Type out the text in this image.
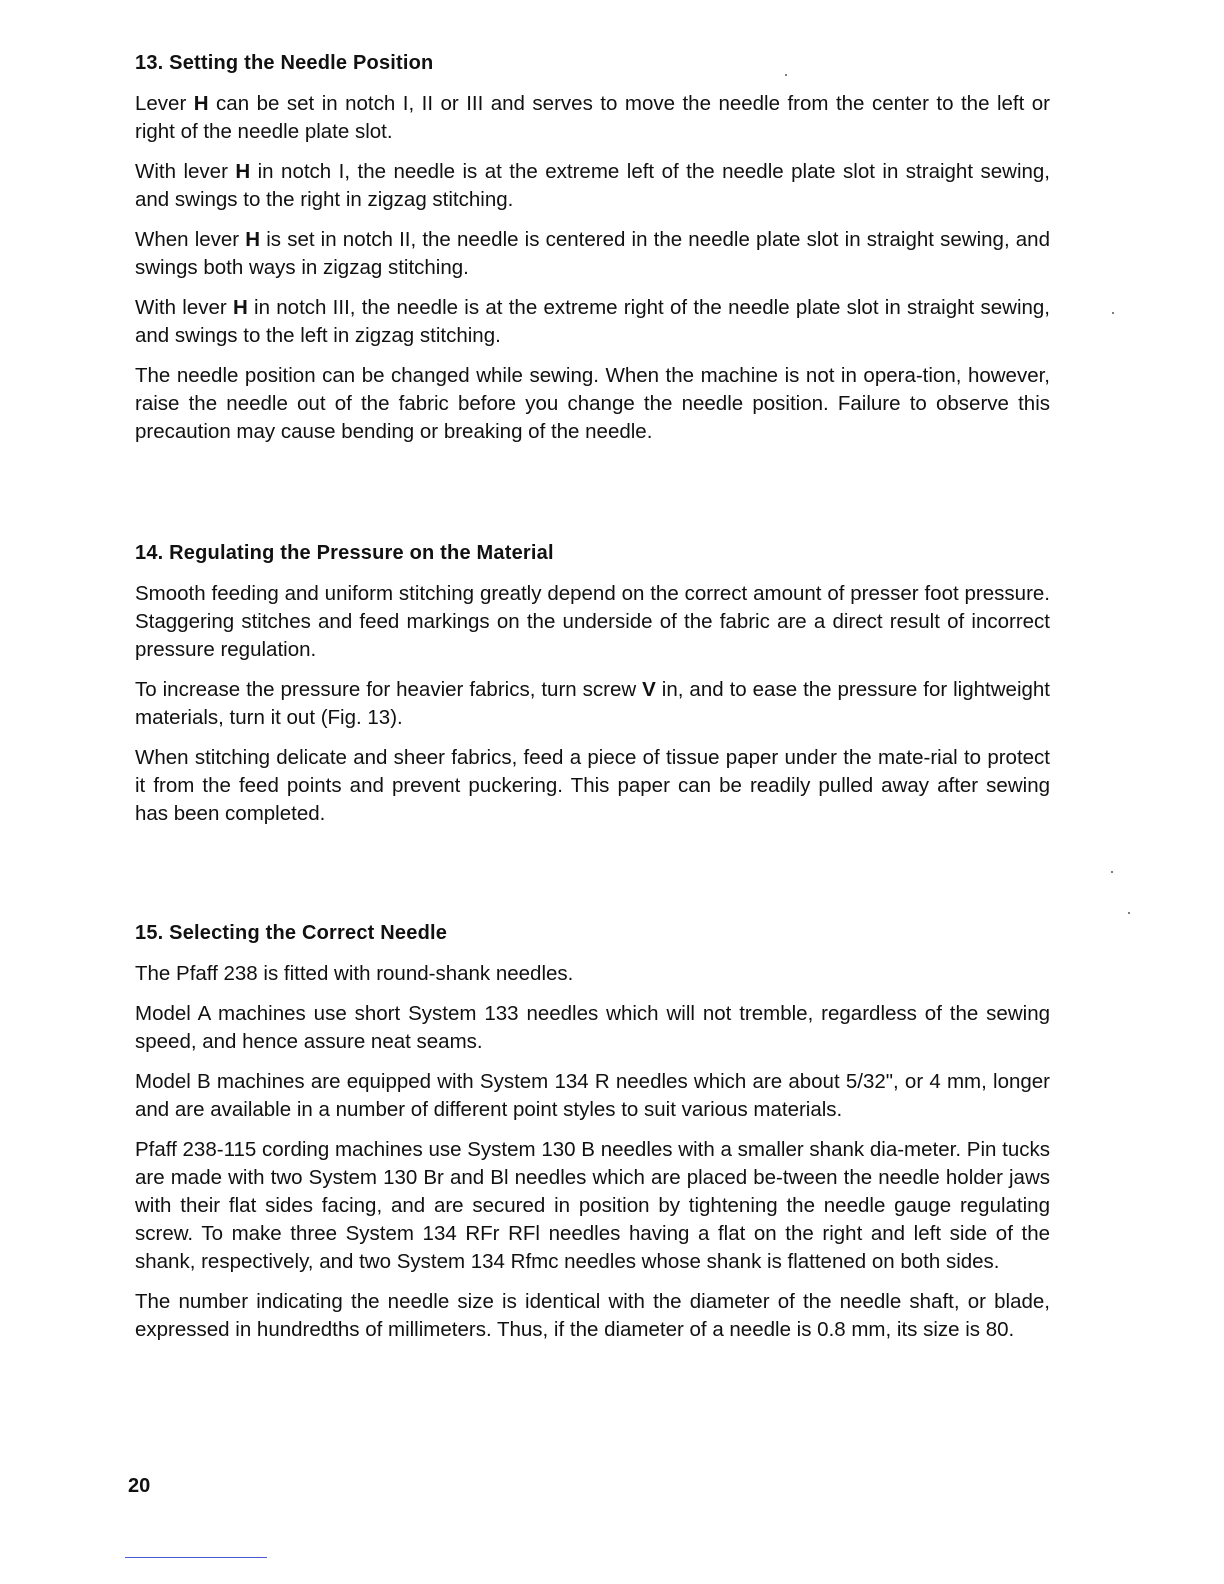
13. Setting the Needle Position

Lever H can be set in notch I, II or III and serves to move the needle from the center to the left or right of the needle plate slot.

With lever H in notch I, the needle is at the extreme left of the needle plate slot in straight sewing, and swings to the right in zigzag stitching.

When lever H is set in notch II, the needle is centered in the needle plate slot in straight sewing, and swings both ways in zigzag stitching.

With lever H in notch III, the needle is at the extreme right of the needle plate slot in straight sewing, and swings to the left in zigzag stitching.

The needle position can be changed while sewing. When the machine is not in opera-tion, however, raise the needle out of the fabric before you change the needle position. Failure to observe this precaution may cause bending or breaking of the needle.

14. Regulating the Pressure on the Material

Smooth feeding and uniform stitching greatly depend on the correct amount of presser foot pressure. Staggering stitches and feed markings on the underside of the fabric are a direct result of incorrect pressure regulation.

To increase the pressure for heavier fabrics, turn screw V in, and to ease the pressure for lightweight materials, turn it out (Fig. 13).

When stitching delicate and sheer fabrics, feed a piece of tissue paper under the mate-rial to protect it from the feed points and prevent puckering. This paper can be readily pulled away after sewing has been completed.

15. Selecting the Correct Needle

The Pfaff 238 is fitted with round-shank needles.

Model A machines use short System 133 needles which will not tremble, regardless of the sewing speed, and hence assure neat seams.

Model B machines are equipped with System 134 R needles which are about 5/32", or 4 mm, longer and are available in a number of different point styles to suit various materials.

Pfaff 238-115 cording machines use System 130 B needles with a smaller shank dia-meter. Pin tucks are made with two System 130 Br and Bl needles which are placed be-tween the needle holder jaws with their flat sides facing, and are secured in position by tightening the needle gauge regulating screw. To make three System 134 RFr RFl needles having a flat on the right and left side of the shank, respectively, and two System 134 Rfmc needles whose shank is flattened on both sides.

The number indicating the needle size is identical with the diameter of the needle shaft, or blade, expressed in hundredths of millimeters. Thus, if the diameter of a needle is 0.8 mm, its size is 80.

20
